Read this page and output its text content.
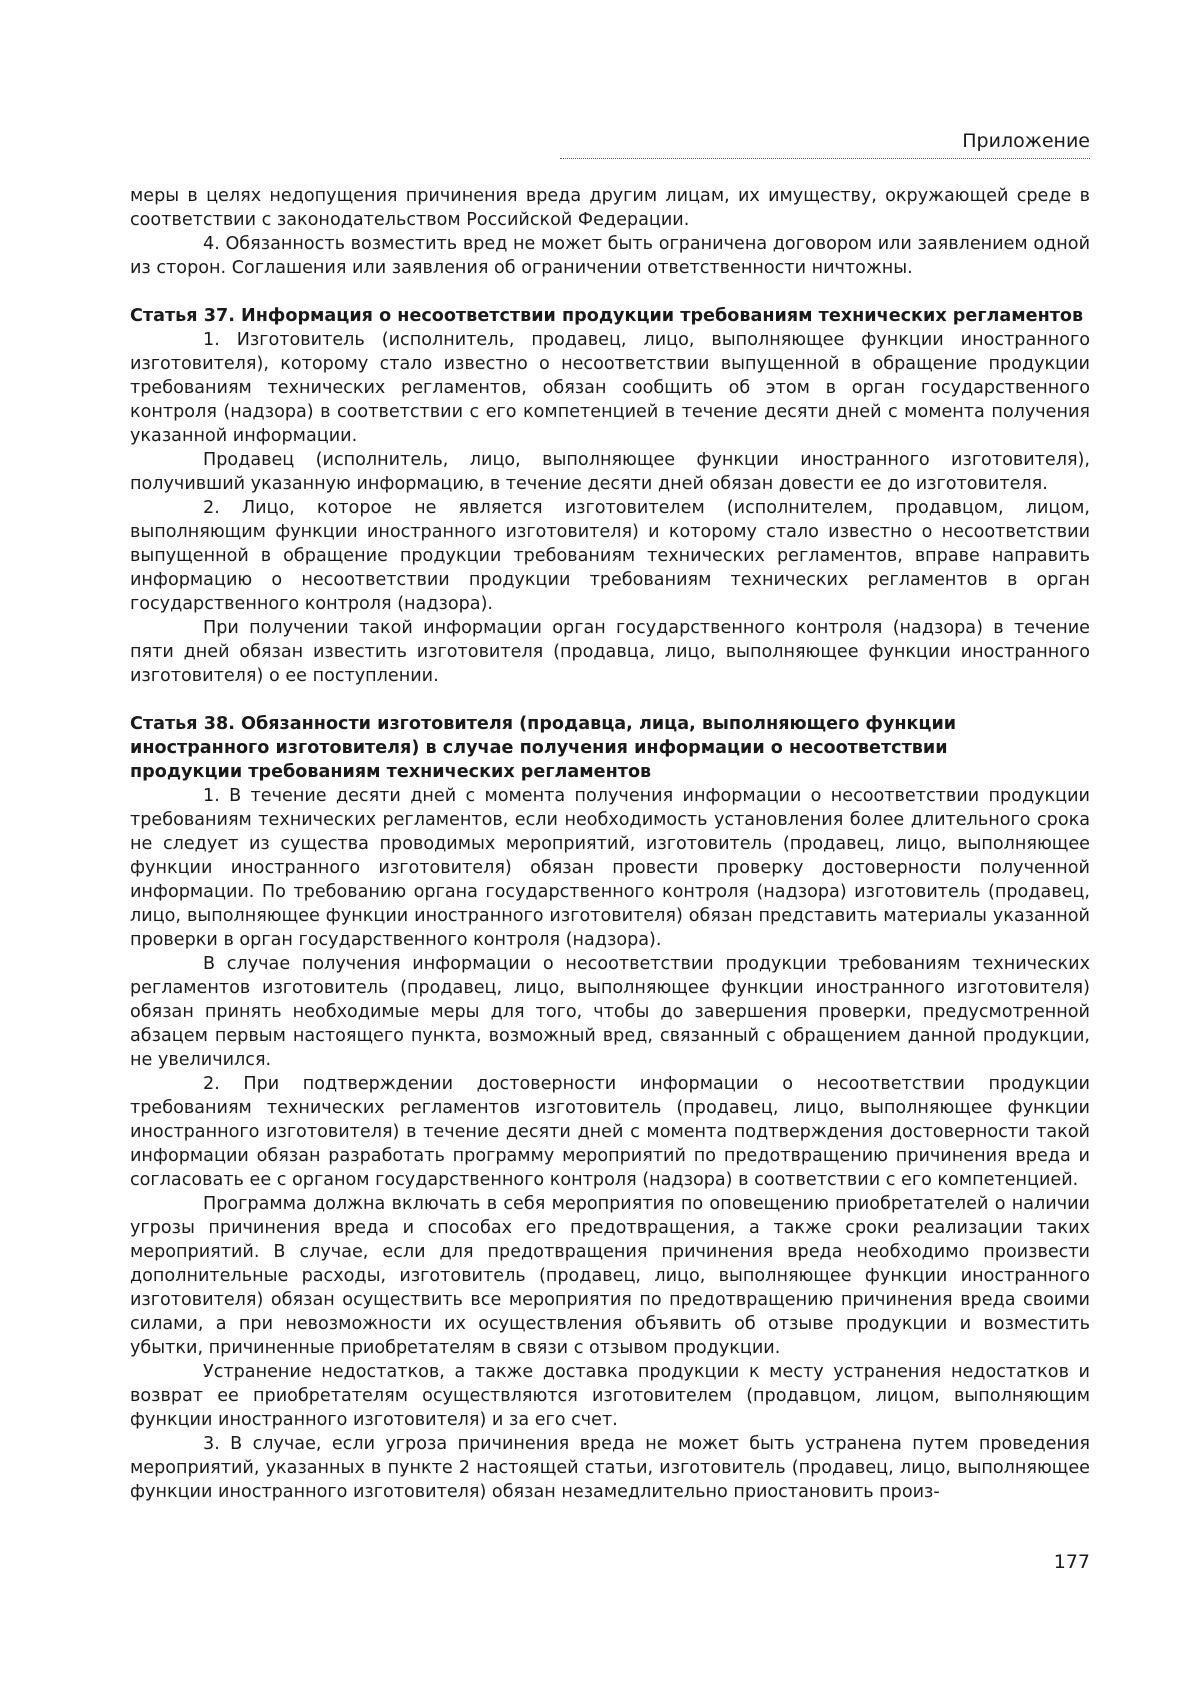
Приложение

меры в целях недопущения причинения вреда другим лицам, их имуществу, окружающей среде в соответствии с законодательством Российской Федерации.

4. Обязанность возместить вред не может быть ограничена договором или заявлением одной из сторон. Соглашения или заявления об ограничении ответственности ничтожны.

Статья 37. Информация о несоответствии продукции требованиям технических регламентов

1. Изготовитель (исполнитель, продавец, лицо, выполняющее функции иностранного изготовителя), которому стало известно о несоответствии выпущенной в обращение продукции требованиям технических регламентов, обязан сообщить об этом в орган государственного контроля (надзора) в соответствии с его компетенцией в течение десяти дней с момента получения указанной информации.

Продавец (исполнитель, лицо, выполняющее функции иностранного изготовителя), получивший указанную информацию, в течение десяти дней обязан довести ее до изготовителя.

2. Лицо, которое не является изготовителем (исполнителем, продавцом, лицом, выполняющим функции иностранного изготовителя) и которому стало известно о несоответствии выпущенной в обращение продукции требованиям технических регламентов, вправе направить информацию о несоответствии продукции требованиям технических регламентов в орган государственного контроля (надзора).

При получении такой информации орган государственного контроля (надзора) в течение пяти дней обязан известить изготовителя (продавца, лицо, выполняющее функции иностранного изготовителя) о ее поступлении.

Статья 38. Обязанности изготовителя (продавца, лица, выполняющего функции
иностранного изготовителя) в случае получения информации о несоответствии
продукции требованиям технических регламентов

1. В течение десяти дней с момента получения информации о несоответствии продукции требованиям технических регламентов, если необходимость установления более длительного срока не следует из существа проводимых мероприятий, изготовитель (продавец, лицо, выполняющее функции иностранного изготовителя) обязан провести проверку достоверности полученной информации. По требованию органа государственного контроля (надзора) изготовитель (продавец, лицо, выполняющее функции иностранного изготовителя) обязан представить материалы указанной проверки в орган государственного контроля (надзора).

В случае получения информации о несоответствии продукции требованиям технических регламентов изготовитель (продавец, лицо, выполняющее функции иностранного изготовителя) обязан принять необходимые меры для того, чтобы до завершения проверки, предусмотренной абзацем первым настоящего пункта, возможный вред, связанный с обращением данной продукции, не увеличился.

2. При подтверждении достоверности информации о несоответствии продукции требованиям технических регламентов изготовитель (продавец, лицо, выполняющее функции иностранного изготовителя) в течение десяти дней с момента подтверждения достоверности такой информации обязан разработать программу мероприятий по предотвращению причинения вреда и согласовать ее с органом государственного контроля (надзора) в соответствии с его компетенцией.

Программа должна включать в себя мероприятия по оповещению приобретателей о наличии угрозы причинения вреда и способах его предотвращения, а также сроки реализации таких мероприятий. В случае, если для предотвращения причинения вреда необходимо произвести дополнительные расходы, изготовитель (продавец, лицо, выполняющее функции иностранного изготовителя) обязан осуществить все мероприятия по предотвращению причинения вреда своими силами, а при невозможности их осуществления объявить об отзыве продукции и возместить убытки, причиненные приобретателям в связи с отзывом продукции.

Устранение недостатков, а также доставка продукции к месту устранения недостатков и возврат ее приобретателям осуществляются изготовителем (продавцом, лицом, выполняющим функции иностранного изготовителя) и за его счет.

3. В случае, если угроза причинения вреда не может быть устранена путем проведения мероприятий, указанных в пункте 2 настоящей статьи, изготовитель (продавец, лицо, выполняющее функции иностранного изготовителя) обязан незамедлительно приостановить произ-

177
